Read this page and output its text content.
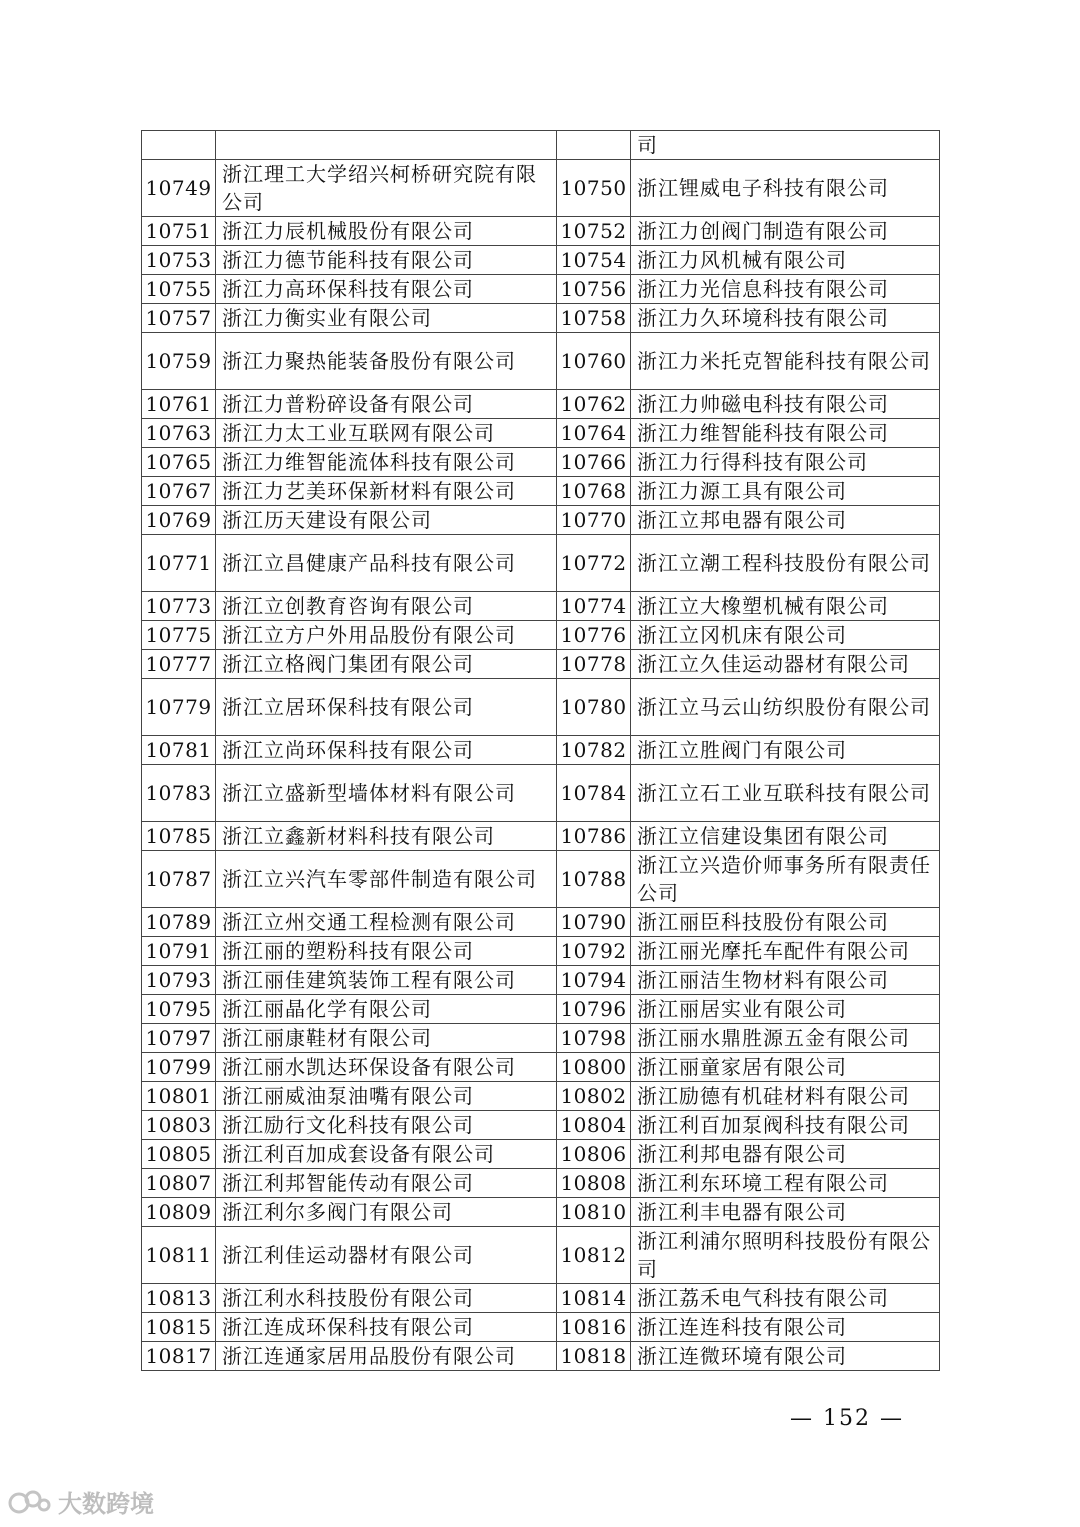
			司
10749	浙江理工大学绍兴柯桥研究院有限公司	10750	浙江锂威电子科技有限公司
10751	浙江力辰机械股份有限公司	10752	浙江力创阀门制造有限公司
10753	浙江力德节能科技有限公司	10754	浙江力风机械有限公司
10755	浙江力高环保科技有限公司	10756	浙江力光信息科技有限公司
10757	浙江力衡实业有限公司	10758	浙江力久环境科技有限公司
10759	浙江力聚热能装备股份有限公司	10760	浙江力米托克智能科技有限公司
10761	浙江力普粉碎设备有限公司	10762	浙江力帅磁电科技有限公司
10763	浙江力太工业互联网有限公司	10764	浙江力维智能科技有限公司
10765	浙江力维智能流体科技有限公司	10766	浙江力行得科技有限公司
10767	浙江力艺美环保新材料有限公司	10768	浙江力源工具有限公司
10769	浙江历天建设有限公司	10770	浙江立邦电器有限公司
10771	浙江立昌健康产品科技有限公司	10772	浙江立潮工程科技股份有限公司
10773	浙江立创教育咨询有限公司	10774	浙江立大橡塑机械有限公司
10775	浙江立方户外用品股份有限公司	10776	浙江立冈机床有限公司
10777	浙江立格阀门集团有限公司	10778	浙江立久佳运动器材有限公司
10779	浙江立居环保科技有限公司	10780	浙江立马云山纺织股份有限公司
10781	浙江立尚环保科技有限公司	10782	浙江立胜阀门有限公司
10783	浙江立盛新型墙体材料有限公司	10784	浙江立石工业互联科技有限公司
10785	浙江立鑫新材料科技有限公司	10786	浙江立信建设集团有限公司
10787	浙江立兴汽车零部件制造有限公司	10788	浙江立兴造价师事务所有限责任公司
10789	浙江立州交通工程检测有限公司	10790	浙江丽臣科技股份有限公司
10791	浙江丽的塑粉科技有限公司	10792	浙江丽光摩托车配件有限公司
10793	浙江丽佳建筑装饰工程有限公司	10794	浙江丽洁生物材料有限公司
10795	浙江丽晶化学有限公司	10796	浙江丽居实业有限公司
10797	浙江丽康鞋材有限公司	10798	浙江丽水鼎胜源五金有限公司
10799	浙江丽水凯达环保设备有限公司	10800	浙江丽童家居有限公司
10801	浙江丽威油泵油嘴有限公司	10802	浙江励德有机硅材料有限公司
10803	浙江励行文化科技有限公司	10804	浙江利百加泵阀科技有限公司
10805	浙江利百加成套设备有限公司	10806	浙江利邦电器有限公司
10807	浙江利邦智能传动有限公司	10808	浙江利东环境工程有限公司
10809	浙江利尔多阀门有限公司	10810	浙江利丰电器有限公司
10811	浙江利佳运动器材有限公司	10812	浙江利浦尔照明科技股份有限公司
10813	浙江利水科技股份有限公司	10814	浙江荔禾电气科技有限公司
10815	浙江连成环保科技有限公司	10816	浙江连连科技有限公司
10817	浙江连通家居用品股份有限公司	10818	浙江连微环境有限公司
— 152 —
大数跨境
